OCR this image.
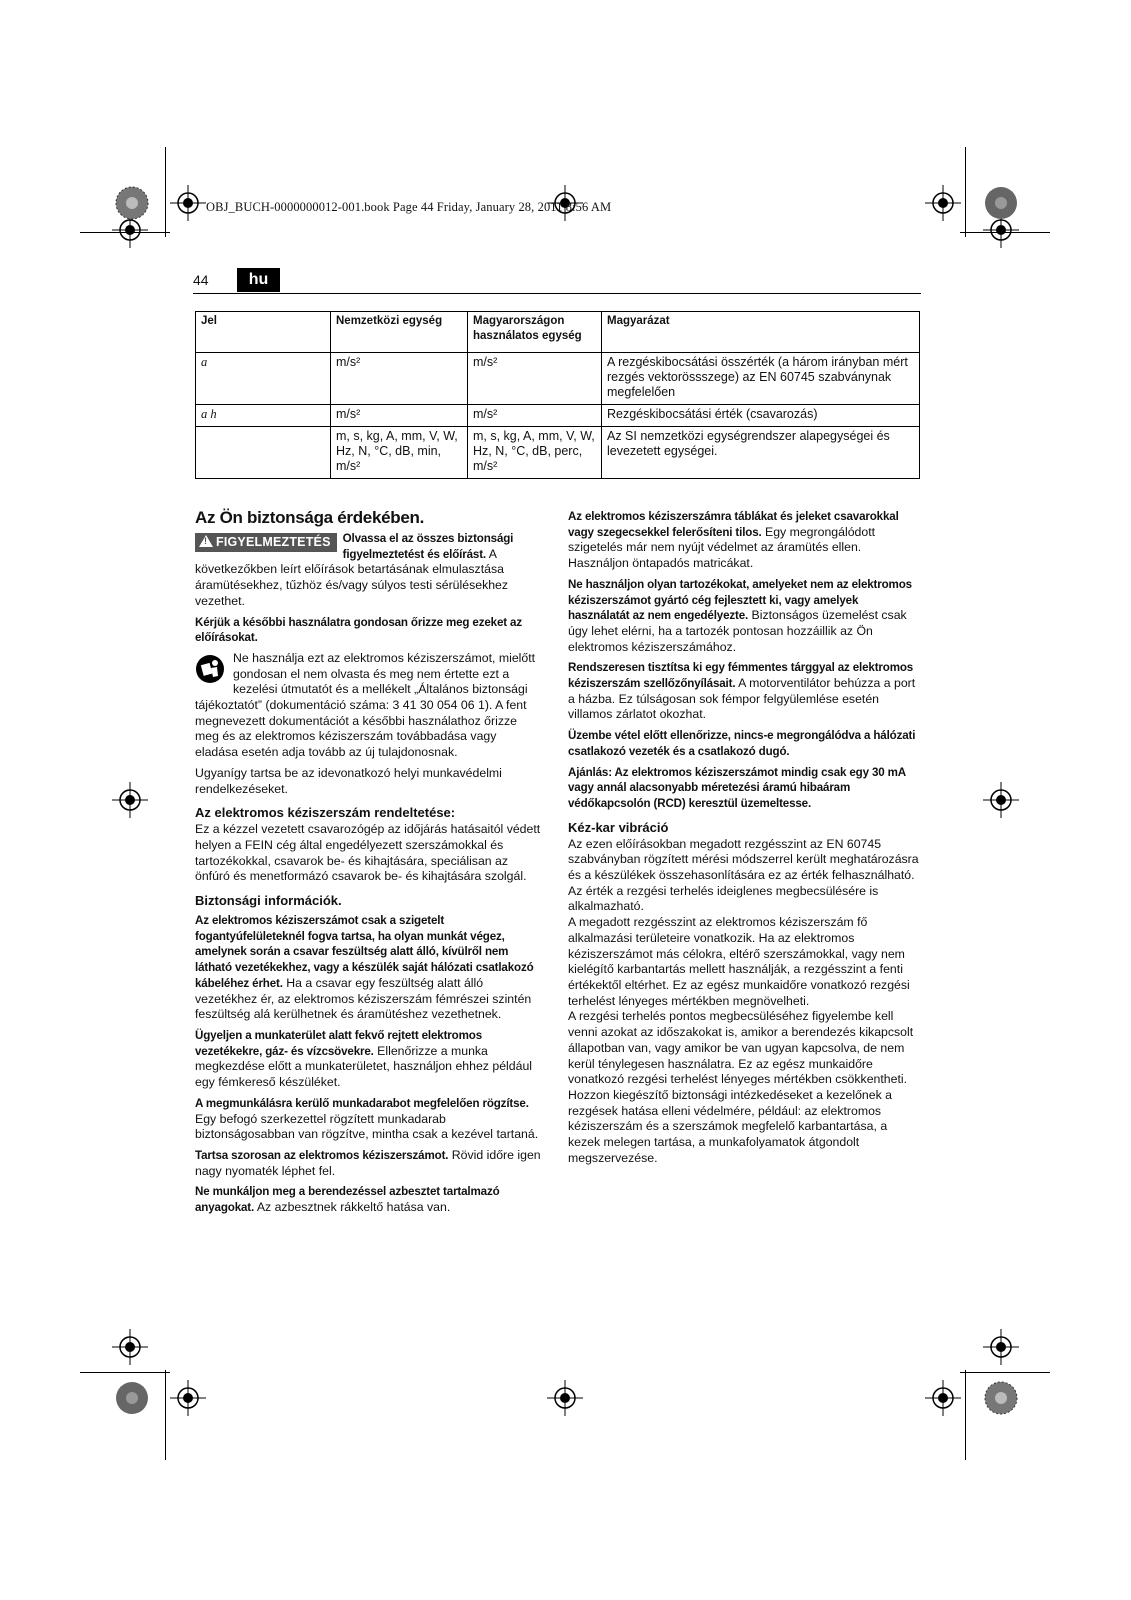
OBJ_BUCH-0000000012-001.book Page 44 Friday, January 28, 2011 8:56 AM
44	hu
Jel	Nemzetközi egység	Magyarországon használatos egység	Magyarázat
a	m/s²	m/s²	A rezgéskibocsátási összérték (a három irányban mért rezgés vektorössszege) az EN 60745 szabványnak megfelelően
a h	m/s²	m/s²	Rezgéskibocsátási érték (csavarozás)
	m, s, kg, A, mm, V, W, Hz, N, °C, dB, min, m/s²	m, s, kg, A, mm, V, W, Hz, N, °C, dB, perc, m/s²	Az SI nemzetközi egységrendszer alapegységei és levezetett egységei.
Az Ön biztonsága érdekében.

!FIGYELMEZTETÉS	Olvassa el az összes biztonsági figyelmeztetést és előírást. A következőkben leírt előírások betartásának elmulasztása áramütésekhez, tűzhöz és/vagy súlyos testi sérülésekhez vezethet.

Kérjük a későbbi használatra gondosan őrizze meg ezeket az előírásokat.

Ne használja ezt az elektromos kéziszerszámot, mielőtt gondosan el nem olvasta és meg nem értette ezt a kezelési útmutatót és a mellékelt „Általános biztonsági tájékoztatót” (dokumentáció száma: 3 41 30 054 06 1). A fent megnevezett dokumentációt a későbbi használathoz őrizze meg és az elektromos kéziszerszám továbbadása vagy eladása esetén adja tovább az új tulajdonosnak.

Ugyanígy tartsa be az idevonatkozó helyi munkavédelmi rendelkezéseket.

Az elektromos kéziszerszám rendeltetése:

Ez a kézzel vezetett csavarozógép az időjárás hatásaitól védett helyen a FEIN cég által engedélyezett szerszámokkal és tartozékokkal, csavarok be- és kihajtására, speciálisan az önfúró és menetformázó csavarok be- és kihajtására szolgál.

Biztonsági információk.

Az elektromos kéziszerszámot csak a szigetelt fogantyúfelületeknél fogva tartsa, ha olyan munkát végez, amelynek során a csavar feszültség alatt álló, kívülről nem látható vezetékekhez, vagy a készülék saját hálózati csatlakozó kábeléhez érhet. Ha a csavar egy feszültség alatt álló vezetékhez ér, az elektromos kéziszerszám fémrészei szintén feszültség alá kerülhetnek és áramütéshez vezethetnek.

Ügyeljen a munkaterület alatt fekvő rejtett elektromos vezetékekre, gáz- és vízcsövekre. Ellenőrizze a munka megkezdése előtt a munkaterületet, használjon ehhez például egy fémkereső készüléket.

A megmunkálásra kerülő munkadarabot megfelelően rögzítse. Egy befogó szerkezettel rögzített munkadarab biztonságosabban van rögzítve, mintha csak a kezével tartaná.

Tartsa szorosan az elektromos kéziszerszámot. Rövid időre igen nagy nyomaték léphet fel.

Ne munkáljon meg a berendezéssel azbesztet tartalmazó anyagokat. Az azbesztnek rákkeltő hatása van.

Az elektromos kéziszerszámra táblákat és jeleket csavarokkal vagy szegecsekkel felerősíteni tilos. Egy megrongálódott szigetelés már nem nyújt védelmet az áramütés ellen. Használjon öntapadós matricákat.

Ne használjon olyan tartozékokat, amelyeket nem az elektromos kéziszerszámot gyártó cég fejlesztett ki, vagy amelyek használatát az nem engedélyezte. Biztonságos üzemelést csak úgy lehet elérni, ha a tartozék pontosan hozzáillik az Ön elektromos kéziszerszámához.

Rendszeresen tisztítsa ki egy fémmentes tárggyal az elektromos kéziszerszám szellőzőnyílásait. A motorventilátor behúzza a port a házba. Ez túlságosan sok fémpor felgyülemlése esetén villamos zárlatot okozhat.

Üzembe vétel előtt ellenőrizze, nincs-e megrongálódva a hálózati csatlakozó vezeték és a csatlakozó dugó.

Ajánlás: Az elektromos kéziszerszámot mindig csak egy 30 mA vagy annál alacsonyabb méretezési áramú hibaáram védőkapcsolón (RCD) keresztül üzemeltesse.

Kéz-kar vibráció

Az ezen előírásokban megadott rezgésszint az EN 60745 szabványban rögzített mérési módszerrel került meghatározásra és a készülékek összehasonlítására ez az érték felhasználható. Az érték a rezgési terhelés ideiglenes megbecsülésére is alkalmazható.

A megadott rezgésszint az elektromos kéziszerszám fő alkalmazási területeire vonatkozik. Ha az elektromos kéziszerszámot más célokra, eltérő szerszámokkal, vagy nem kielégítő karbantartás mellett használják, a rezgésszint a fenti értékektől eltérhet. Ez az egész munkaidőre vonatkozó rezgési terhelést lényeges mértékben megnövelheti.

A rezgési terhelés pontos megbecsüléséhez figyelembe kell venni azokat az időszakokat is, amikor a berendezés kikapcsolt állapotban van, vagy amikor be van ugyan kapcsolva, de nem kerül ténylegesen használatra. Ez az egész munkaidőre vonatkozó rezgési terhelést lényeges mértékben csökkentheti.

Hozzon kiegészítő biztonsági intézkedéseket a kezelőnek a rezgések hatása elleni védelmére, például: az elektromos kéziszerszám és a szerszámok megfelelő karbantartása, a kezek melegen tartása, a munkafolyamatok átgondolt megszervezése.
